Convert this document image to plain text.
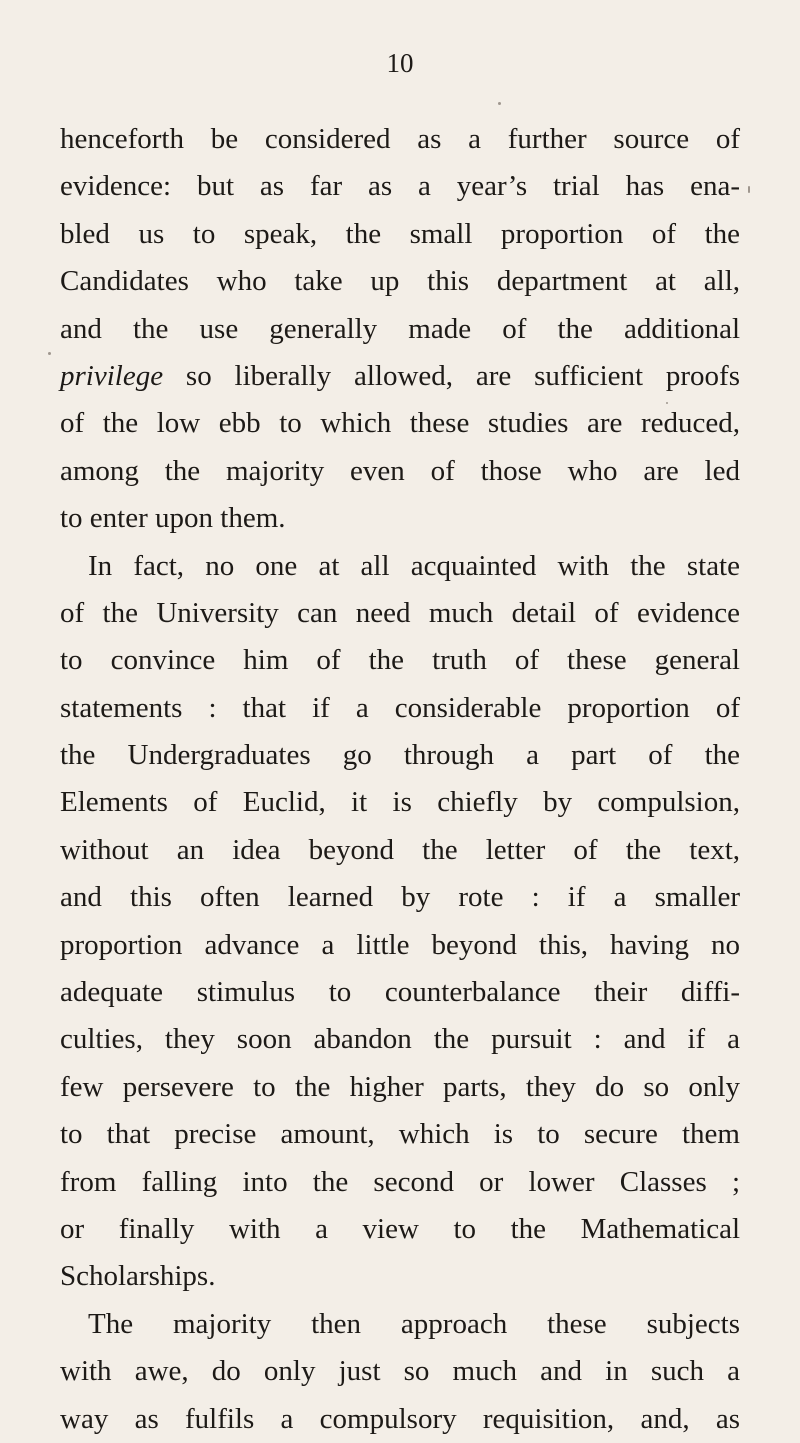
10
henceforth be considered as a further source of
evidence: but as far as a year’s trial has ena-
bled us to speak, the small proportion of the
Candidates who take up this department at all,
and the use generally made of the additional
privilege so liberally allowed, are sufficient proofs
of the low ebb to which these studies are reduced,
among the majority even of those who are led
to enter upon them.
In fact, no one at all acquainted with the state
of the University can need much detail of evidence
to convince him of the truth of these general
statements : that if a considerable proportion of
the Undergraduates go through a part of the
Elements of Euclid, it is chiefly by compulsion,
without an idea beyond the letter of the text,
and this often learned by rote : if a smaller
proportion advance a little beyond this, having no
adequate stimulus to counterbalance their diffi-
culties, they soon abandon the pursuit : and if a
few persevere to the higher parts, they do so only
to that precise amount, which is to secure them
from falling into the second or lower Classes ;
or finally with a view to the Mathematical
Scholarships.
The majority then approach these subjects
with awe, do only just so much and in such a
way as fulfils a compulsory requisition, and, as
